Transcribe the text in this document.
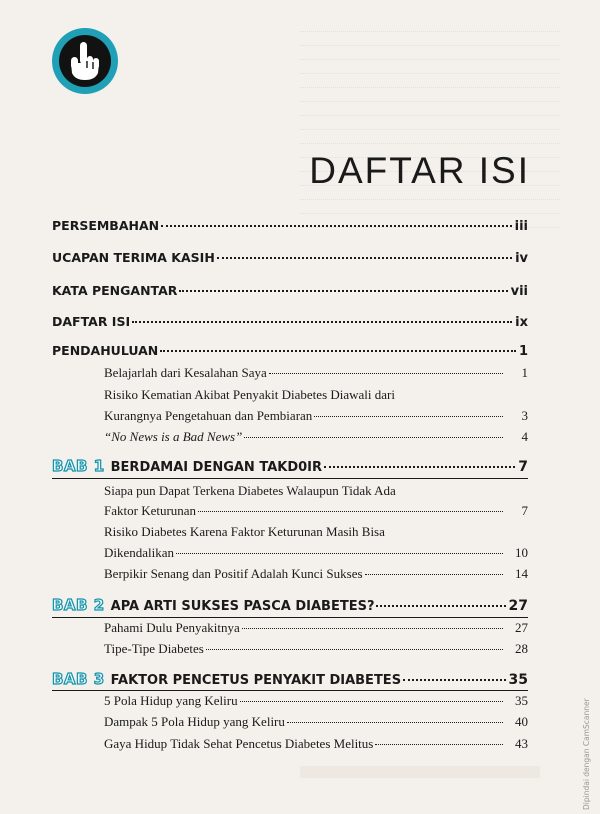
DAFTAR ISI
PERSEMBAHAN	iii
UCAPAN TERIMA KASIH	iv
KATA PENGANTAR	vii
DAFTAR ISI	ix
PENDAHULUAN	1
Belajarlah dari Kesalahan Saya	1
Risiko Kematian Akibat Penyakit Diabetes Diawali dari
Kurangnya Pengetahuan dan Pembiaran	3
“No News is a Bad News”	4
BAB 1 BERDAMAI DENGAN TAKD0IR	7
Siapa pun Dapat Terkena Diabetes Walaupun Tidak Ada
Faktor Keturunan	7
Risiko Diabetes Karena Faktor Keturunan Masih Bisa
Dikendalikan	10
Berpikir Senang dan Positif Adalah Kunci Sukses	14
BAB 2 APA ARTI SUKSES PASCA DIABETES?	27
Pahami Dulu Penyakitnya	27
Tipe-Tipe Diabetes	28
BAB 3 FAKTOR PENCETUS PENYAKIT DIABETES	35
5 Pola Hidup yang Keliru	35
Dampak 5 Pola Hidup yang Keliru	40
Gaya Hidup Tidak Sehat Pencetus Diabetes Melitus	43	Dipindai dengan CamScanner
